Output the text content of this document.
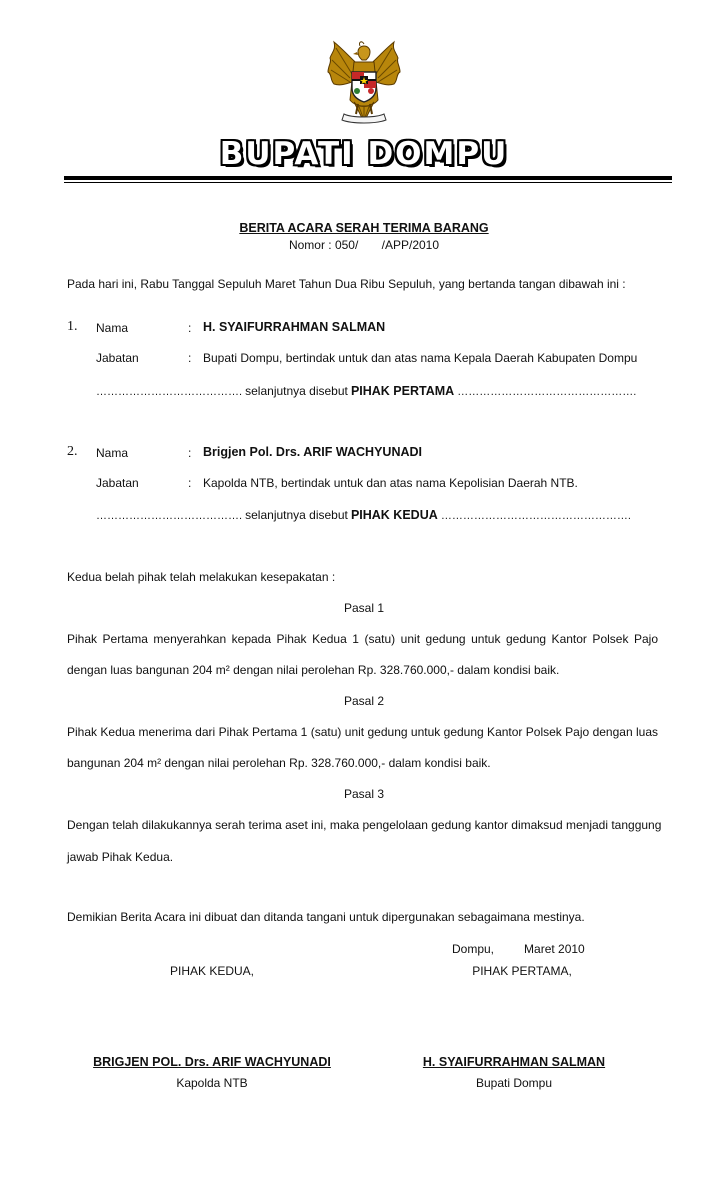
BUPATI DOMPU
BERITA ACARA SERAH TERIMA BARANG
Nomor : 050/       /APP/2010
Pada hari ini, Rabu Tanggal Sepuluh Maret Tahun Dua Ribu Sepuluh, yang bertanda tangan dibawah ini :
1. Nama	: H. SYAIFURRAHMAN SALMAN
Jabatan	: Bupati Dompu, bertindak untuk dan atas nama Kepala Daerah Kabupaten Dompu
…………………………………. selanjutnya disebut PIHAK PERTAMA ………………………………………….
2. Nama	: Brigjen Pol. Drs. ARIF WACHYUNADI
Jabatan	: Kapolda NTB, bertindak untuk dan atas nama Kepolisian Daerah NTB.
…………………………………. selanjutnya disebut PIHAK KEDUA …………………………………………….
Kedua belah pihak telah melakukan kesepakatan :
Pasal 1
Pihak Pertama menyerahkan kepada Pihak Kedua 1 (satu) unit gedung untuk gedung Kantor Polsek Pajo
dengan luas bangunan 204 m² dengan nilai perolehan Rp. 328.760.000,- dalam kondisi baik.
Pasal 2
Pihak Kedua menerima dari Pihak Pertama 1 (satu) unit gedung untuk gedung Kantor Polsek Pajo dengan luas
bangunan 204 m² dengan nilai perolehan Rp. 328.760.000,- dalam kondisi baik.
Pasal 3
Dengan telah dilakukannya serah terima aset ini, maka pengelolaan gedung kantor dimaksud menjadi tanggung
jawab Pihak Kedua.
Demikian Berita Acara ini dibuat dan ditanda tangani untuk dipergunakan sebagaimana mestinya.
Dompu,         Maret 2010
PIHAK KEDUA,	PIHAK PERTAMA,
BRIGJEN POL. Drs. ARIF WACHYUNADI	H. SYAIFURRAHMAN SALMAN
Kapolda NTB	Bupati Dompu
